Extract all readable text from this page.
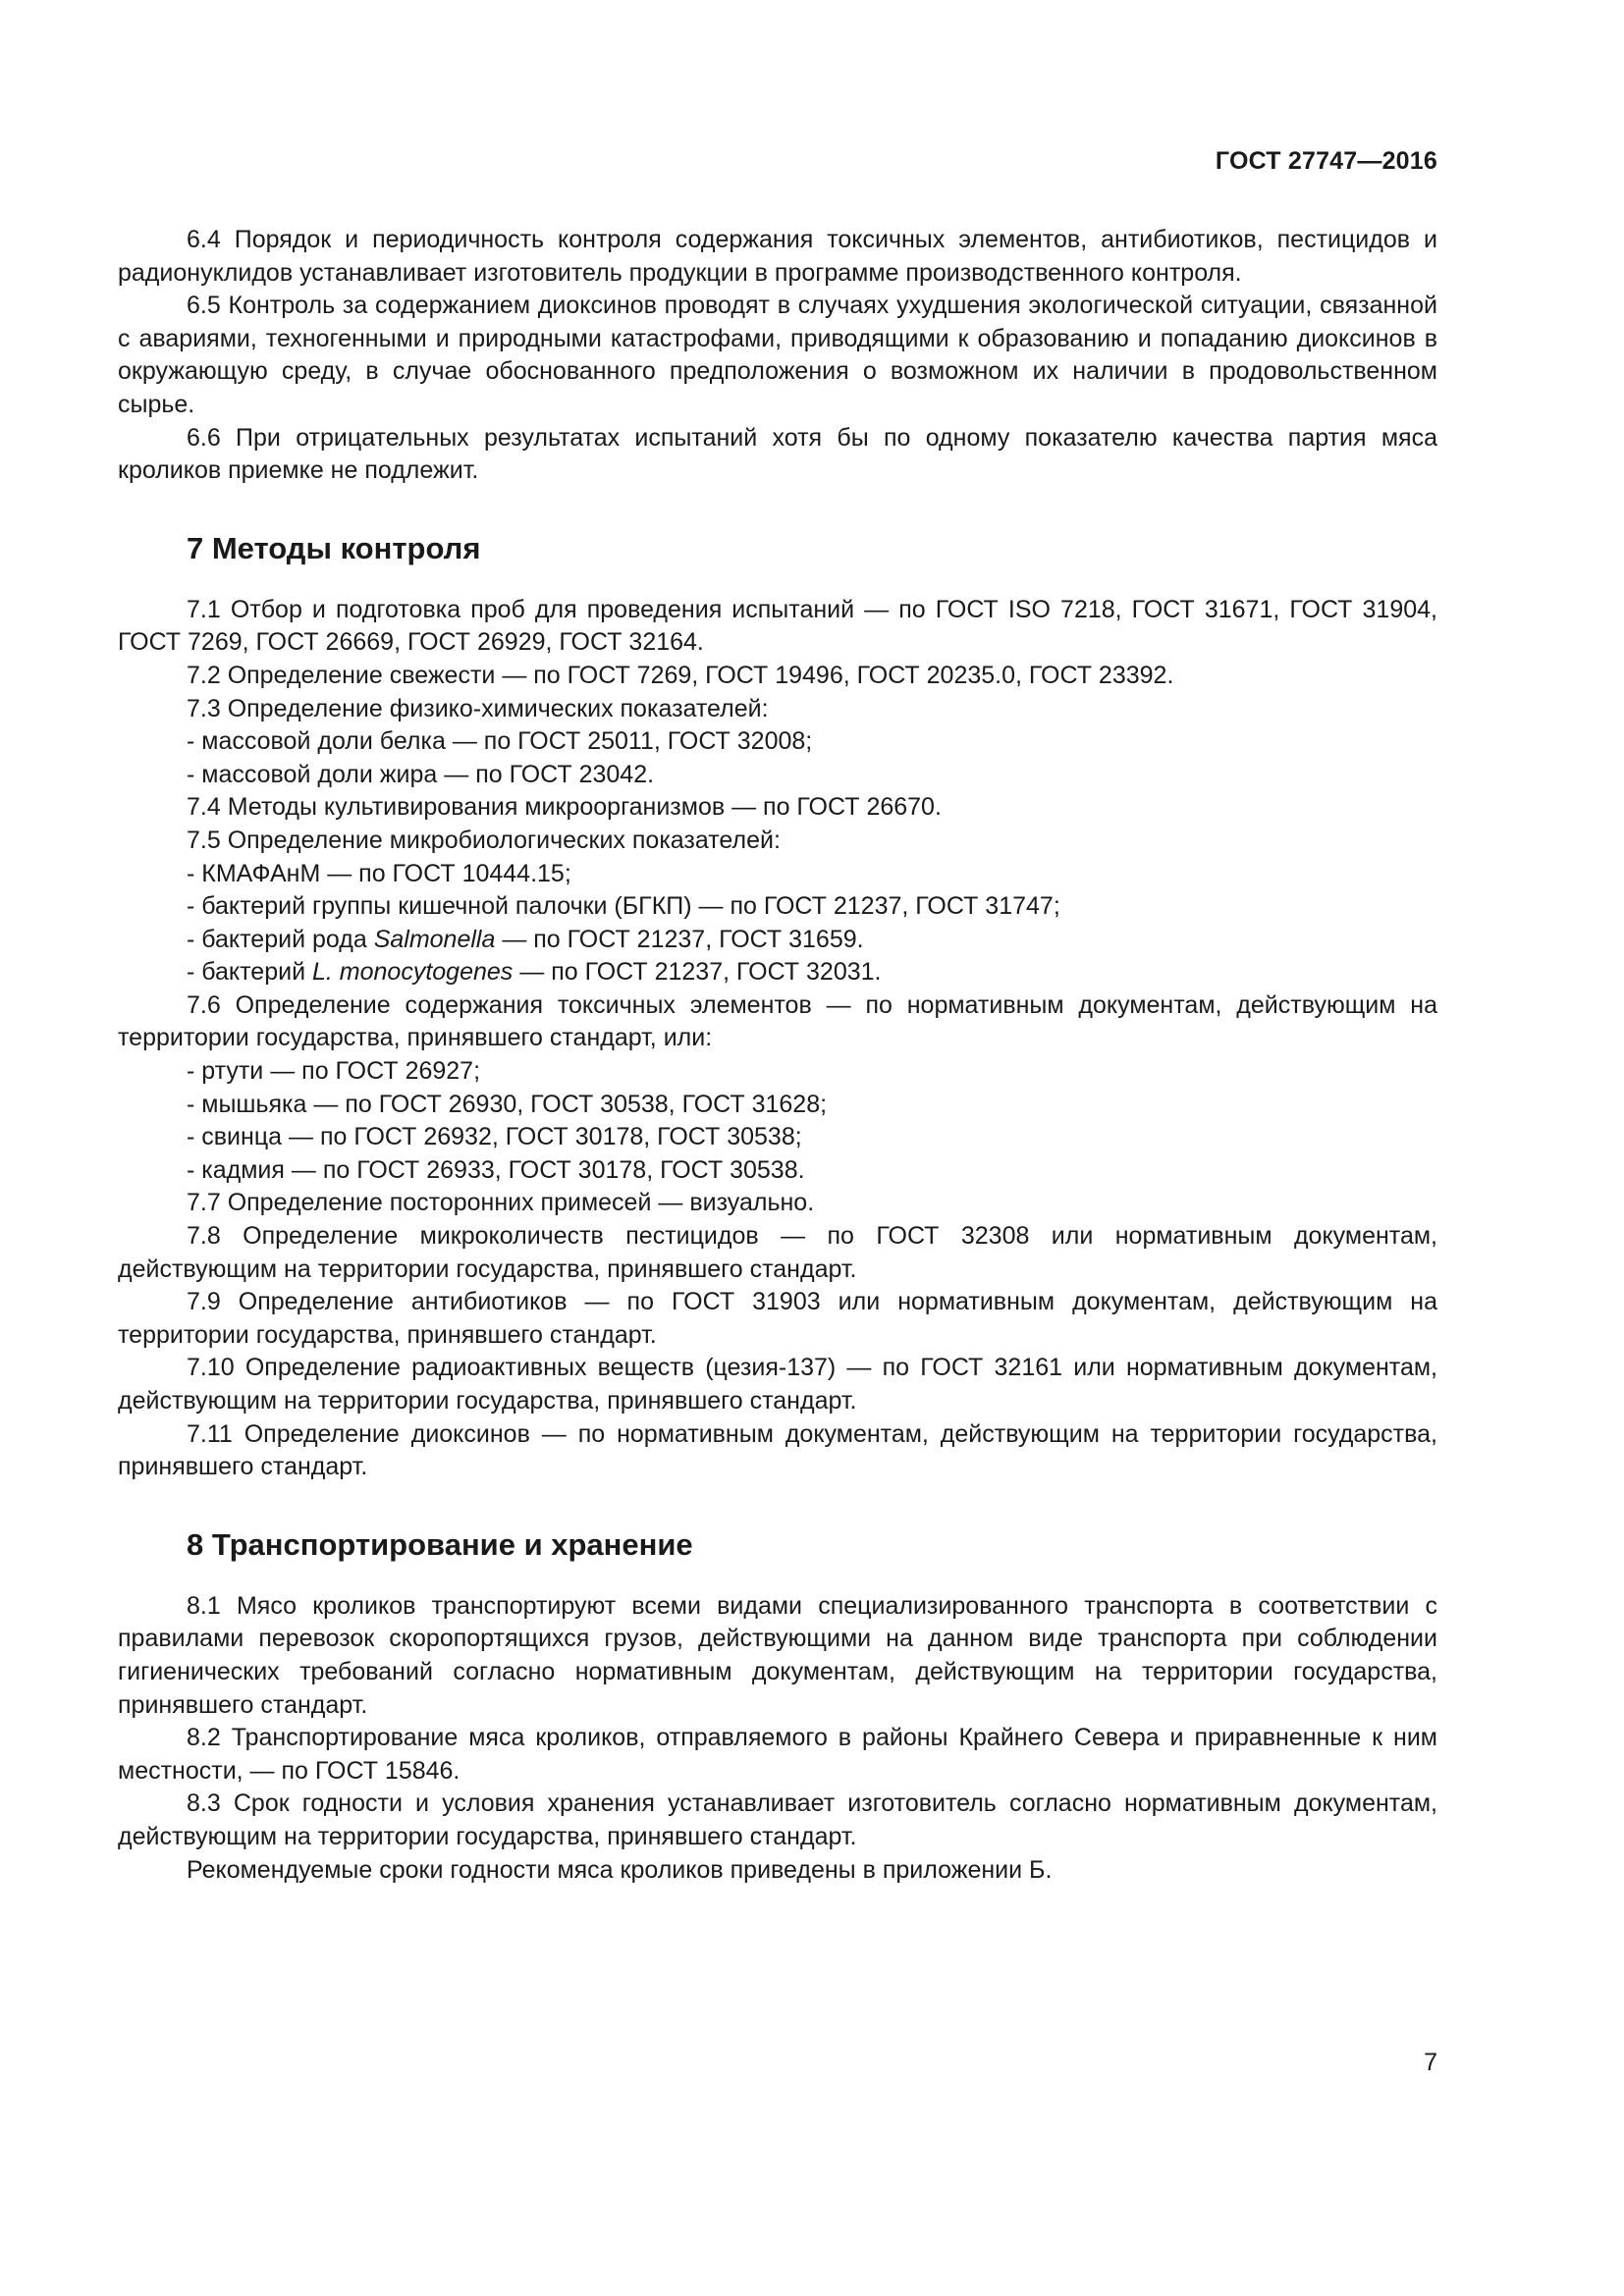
ГОСТ 27747—2016
6.4 Порядок и периодичность контроля содержания токсичных элементов, антибиотиков, пестицидов и радионуклидов устанавливает изготовитель продукции в программе производственного контроля.
6.5 Контроль за содержанием диоксинов проводят в случаях ухудшения экологической ситуации, связанной с авариями, техногенными и природными катастрофами, приводящими к образованию и попаданию диоксинов в окружающую среду, в случае обоснованного предположения о возможном их наличии в продовольственном сырье.
6.6 При отрицательных результатах испытаний хотя бы по одному показателю качества партия мяса кроликов приемке не подлежит.
7 Методы контроля
7.1 Отбор и подготовка проб для проведения испытаний — по ГОСТ ISO 7218, ГОСТ 31671, ГОСТ 31904, ГОСТ 7269, ГОСТ 26669, ГОСТ 26929, ГОСТ 32164.
7.2 Определение свежести — по ГОСТ 7269, ГОСТ 19496, ГОСТ 20235.0, ГОСТ 23392.
7.3 Определение физико-химических показателей:
- массовой доли белка — по ГОСТ 25011, ГОСТ 32008;
- массовой доли жира — по ГОСТ 23042.
7.4 Методы культивирования микроорганизмов — по ГОСТ 26670.
7.5 Определение микробиологических показателей:
- КМАФАнМ — по ГОСТ 10444.15;
- бактерий группы кишечной палочки (БГКП) — по ГОСТ 21237, ГОСТ 31747;
- бактерий рода Salmonella — по ГОСТ 21237, ГОСТ 31659.
- бактерий L. monocytogenes — по ГОСТ 21237, ГОСТ 32031.
7.6 Определение содержания токсичных элементов — по нормативным документам, действующим на территории государства, принявшего стандарт, или:
- ртути — по ГОСТ 26927;
- мышьяка — по ГОСТ 26930, ГОСТ 30538, ГОСТ 31628;
- свинца — по ГОСТ 26932, ГОСТ 30178, ГОСТ 30538;
- кадмия — по ГОСТ 26933, ГОСТ 30178, ГОСТ 30538.
7.7 Определение посторонних примесей — визуально.
7.8 Определение микроколичеств пестицидов — по ГОСТ 32308 или нормативным документам, действующим на территории государства, принявшего стандарт.
7.9 Определение антибиотиков — по ГОСТ 31903 или нормативным документам, действующим на территории государства, принявшего стандарт.
7.10 Определение радиоактивных веществ (цезия-137) — по ГОСТ 32161 или нормативным документам, действующим на территории государства, принявшего стандарт.
7.11 Определение диоксинов — по нормативным документам, действующим на территории государства, принявшего стандарт.
8 Транспортирование и хранение
8.1 Мясо кроликов транспортируют всеми видами специализированного транспорта в соответствии с правилами перевозок скоропортящихся грузов, действующими на данном виде транспорта при соблюдении гигиенических требований согласно нормативным документам, действующим на территории государства, принявшего стандарт.
8.2 Транспортирование мяса кроликов, отправляемого в районы Крайнего Севера и приравненные к ним местности, — по ГОСТ 15846.
8.3 Срок годности и условия хранения устанавливает изготовитель согласно нормативным документам, действующим на территории государства, принявшего стандарт.
Рекомендуемые сроки годности мяса кроликов приведены в приложении Б.
7
